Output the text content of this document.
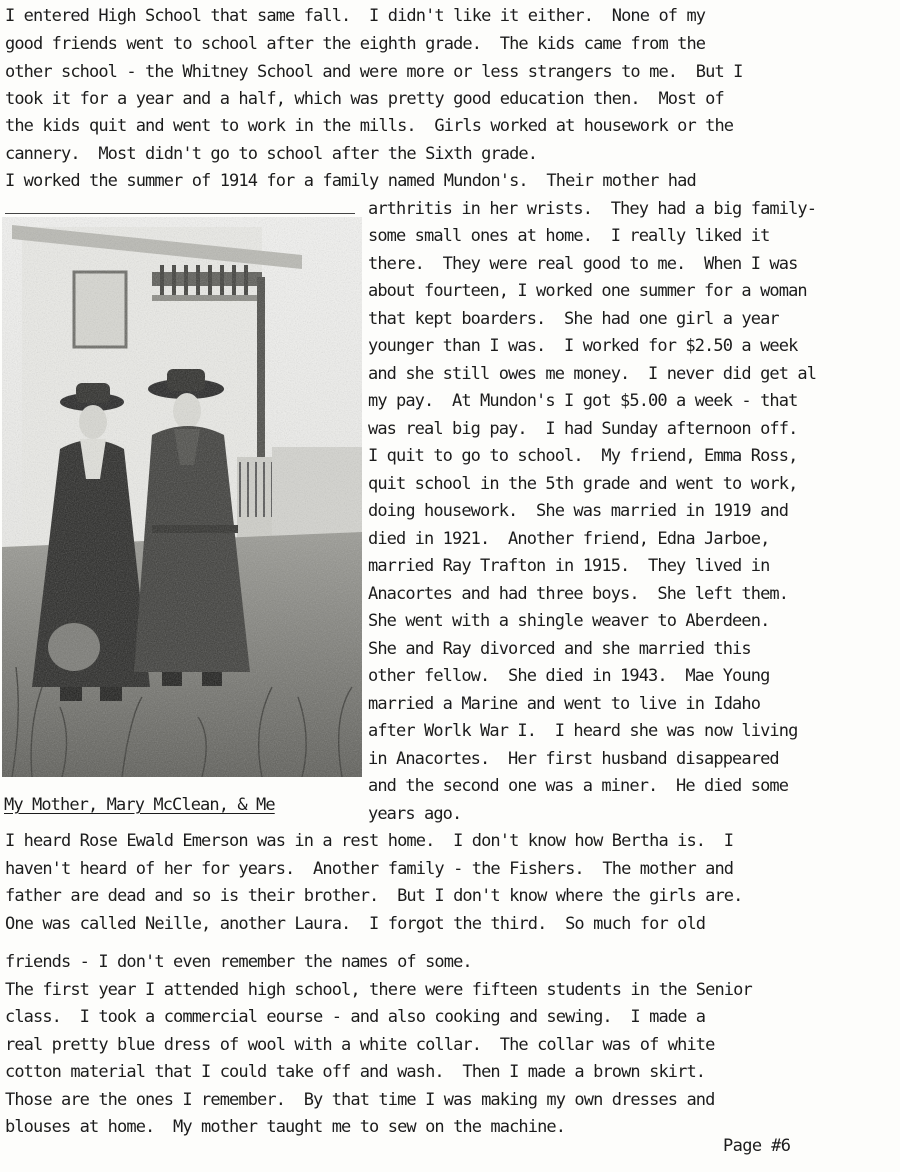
I entered High School that same fall.  I didn't like it either.  None of my
good friends went to school after the eighth grade.  The kids came from the
other school - the Whitney School and were more or less strangers to me.  But I
took it for a year and a half, which was pretty good education then.  Most of
the kids quit and went to work in the mills.  Girls worked at housework or the
cannery.  Most didn't go to school after the Sixth grade.
I worked the summer of 1914 for a family named Mundon's.  Their mother had
arthritis in her wrists.  They had a big family-
some small ones at home.  I really liked it
there.  They were real good to me.  When I was
about fourteen, I worked one summer for a woman
that kept boarders.  She had one girl a year
younger than I was.  I worked for $2.50 a week
and she still owes me money.  I never did get al
my pay.  At Mundon's I got $5.00 a week - that
was real big pay.  I had Sunday afternoon off.
I quit to go to school.  My friend, Emma Ross,
quit school in the 5th grade and went to work,
doing housework.  She was married in 1919 and
died in 1921.  Another friend, Edna Jarboe,
married Ray Trafton in 1915.  They lived in
Anacortes and had three boys.  She left them.
She went with a shingle weaver to Aberdeen.
She and Ray divorced and she married this
other fellow.  She died in 1943.  Mae Young
married a Marine and went to live in Idaho
after Worlk War I.  I heard she was now living
in Anacortes.  Her first husband disappeared
and the second one was a miner.  He died some
years ago.
My Mother, Mary McClean, & Me
I heard Rose Ewald Emerson was in a rest home.  I don't know how Bertha is.  I
haven't heard of her for years.  Another family - the Fishers.  The mother and
father are dead and so is their brother.  But I don't know where the girls are.
One was called Neille, another Laura.  I forgot the third.  So much for old
friends - I don't even remember the names of some.
The first year I attended high school, there were fifteen students in the Senior
class.  I took a commercial eourse - and also cooking and sewing.  I made a
real pretty blue dress of wool with a white collar.  The collar was of white
cotton material that I could take off and wash.  Then I made a brown skirt.
Those are the ones I remember.  By that time I was making my own dresses and
blouses at home.  My mother taught me to sew on the machine.
Page #6
